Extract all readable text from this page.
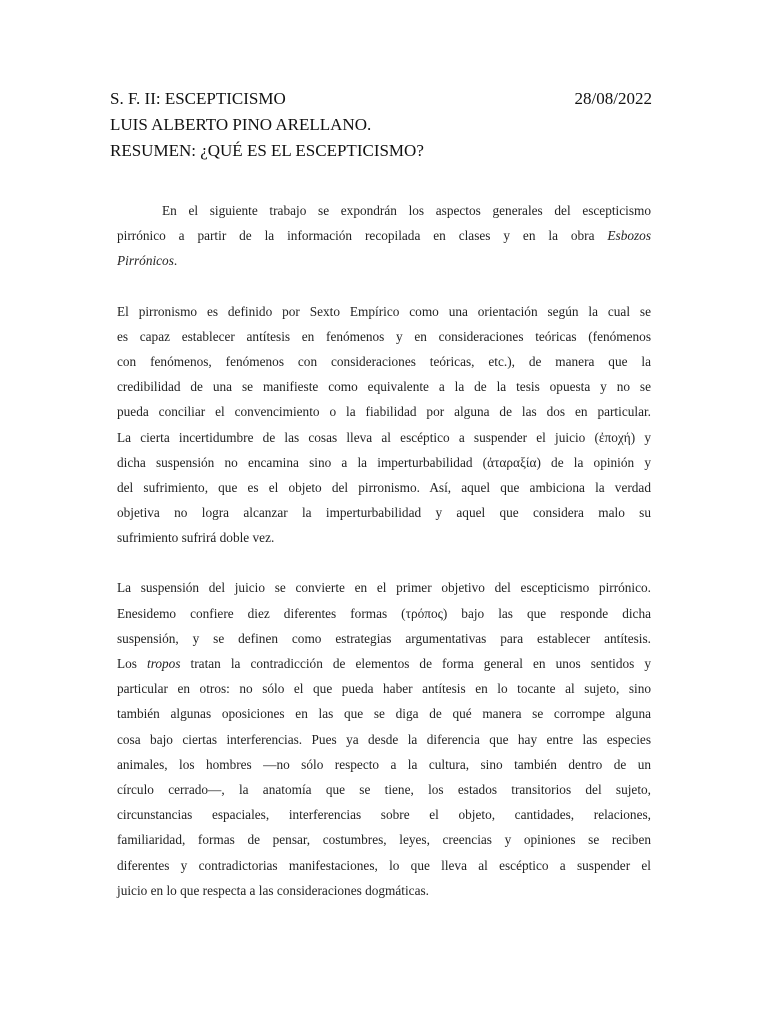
S. F. II: ESCEPTICISMO	28/08/2022
LUIS ALBERTO PINO ARELLANO.
RESUMEN: ¿QUÉ ES EL ESCEPTICISMO?
En el siguiente trabajo se expondrán los aspectos generales del escepticismo
pirrónico a partir de la información recopilada en clases y en la obra Esbozos
Pirrónicos.
El pirronismo es definido por Sexto Empírico como una orientación según la cual se
es capaz establecer antítesis en fenómenos y en consideraciones teóricas (fenómenos
con fenómenos, fenómenos con consideraciones teóricas, etc.), de manera que la
credibilidad de una se manifieste como equivalente a la de la tesis opuesta y no se
pueda conciliar el convencimiento o la fiabilidad por alguna de las dos en particular.
La cierta incertidumbre de las cosas lleva al escéptico a suspender el juicio (ἐποχή) y
dicha suspensión no encamina sino a la imperturbabilidad (ἀταραξία) de la opinión y
del sufrimiento, que es el objeto del pirronismo. Así, aquel que ambiciona la verdad
objetiva no logra alcanzar la imperturbabilidad y aquel que considera malo su
sufrimiento sufrirá doble vez.
La suspensión del juicio se convierte en el primer objetivo del escepticismo pirrónico.
Enesidemo confiere diez diferentes formas (τρόπος) bajo las que responde dicha
suspensión, y se definen como estrategias argumentativas para establecer antítesis.
Los tropos tratan la contradicción de elementos de forma general en unos sentidos y
particular en otros: no sólo el que pueda haber antítesis en lo tocante al sujeto, sino
también algunas oposiciones en las que se diga de qué manera se corrompe alguna
cosa bajo ciertas interferencias. Pues ya desde la diferencia que hay entre las especies
animales, los hombres —no sólo respecto a la cultura, sino también dentro de un
círculo cerrado—, la anatomía que se tiene, los estados transitorios del sujeto,
circunstancias espaciales, interferencias sobre el objeto, cantidades, relaciones,
familiaridad, formas de pensar, costumbres, leyes, creencias y opiniones se reciben
diferentes y contradictorias manifestaciones, lo que lleva al escéptico a suspender el
juicio en lo que respecta a las consideraciones dogmáticas.
